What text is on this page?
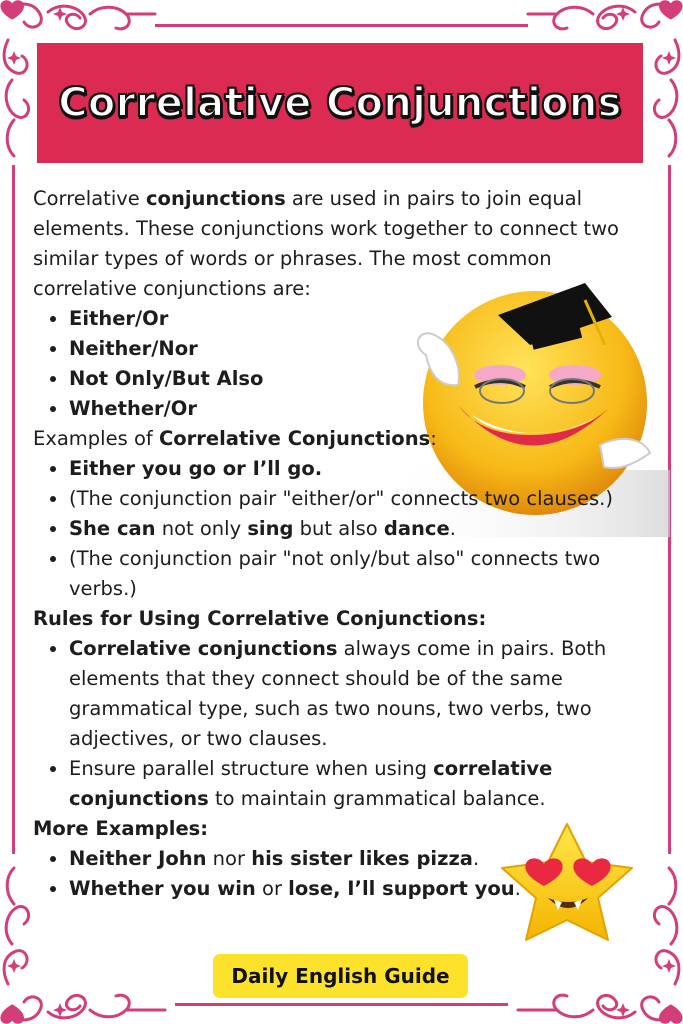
Correlative Conjunctions

Correlative conjunctions are used in pairs to join equal elements. These conjunctions work together to connect two similar types of words or phrases. The most common correlative conjunctions are:

• Either/Or
• Neither/Nor
• Not Only/But Also
• Whether/Or

Examples of Correlative Conjunctions:

• Either you go or I’ll go.
• (The conjunction pair "either/or" connects two clauses.)
• She can not only sing but also dance.
• (The conjunction pair "not only/but also" connects two verbs.)

Rules for Using Correlative Conjunctions:

• Correlative conjunctions always come in pairs. Both elements that they connect should be of the same grammatical type, such as two nouns, two verbs, two adjectives, or two clauses.
• Ensure parallel structure when using correlative conjunctions to maintain grammatical balance.

More Examples:

• Neither John nor his sister likes pizza.
• Whether you win or lose, I’ll support you.
Daily English Guide
